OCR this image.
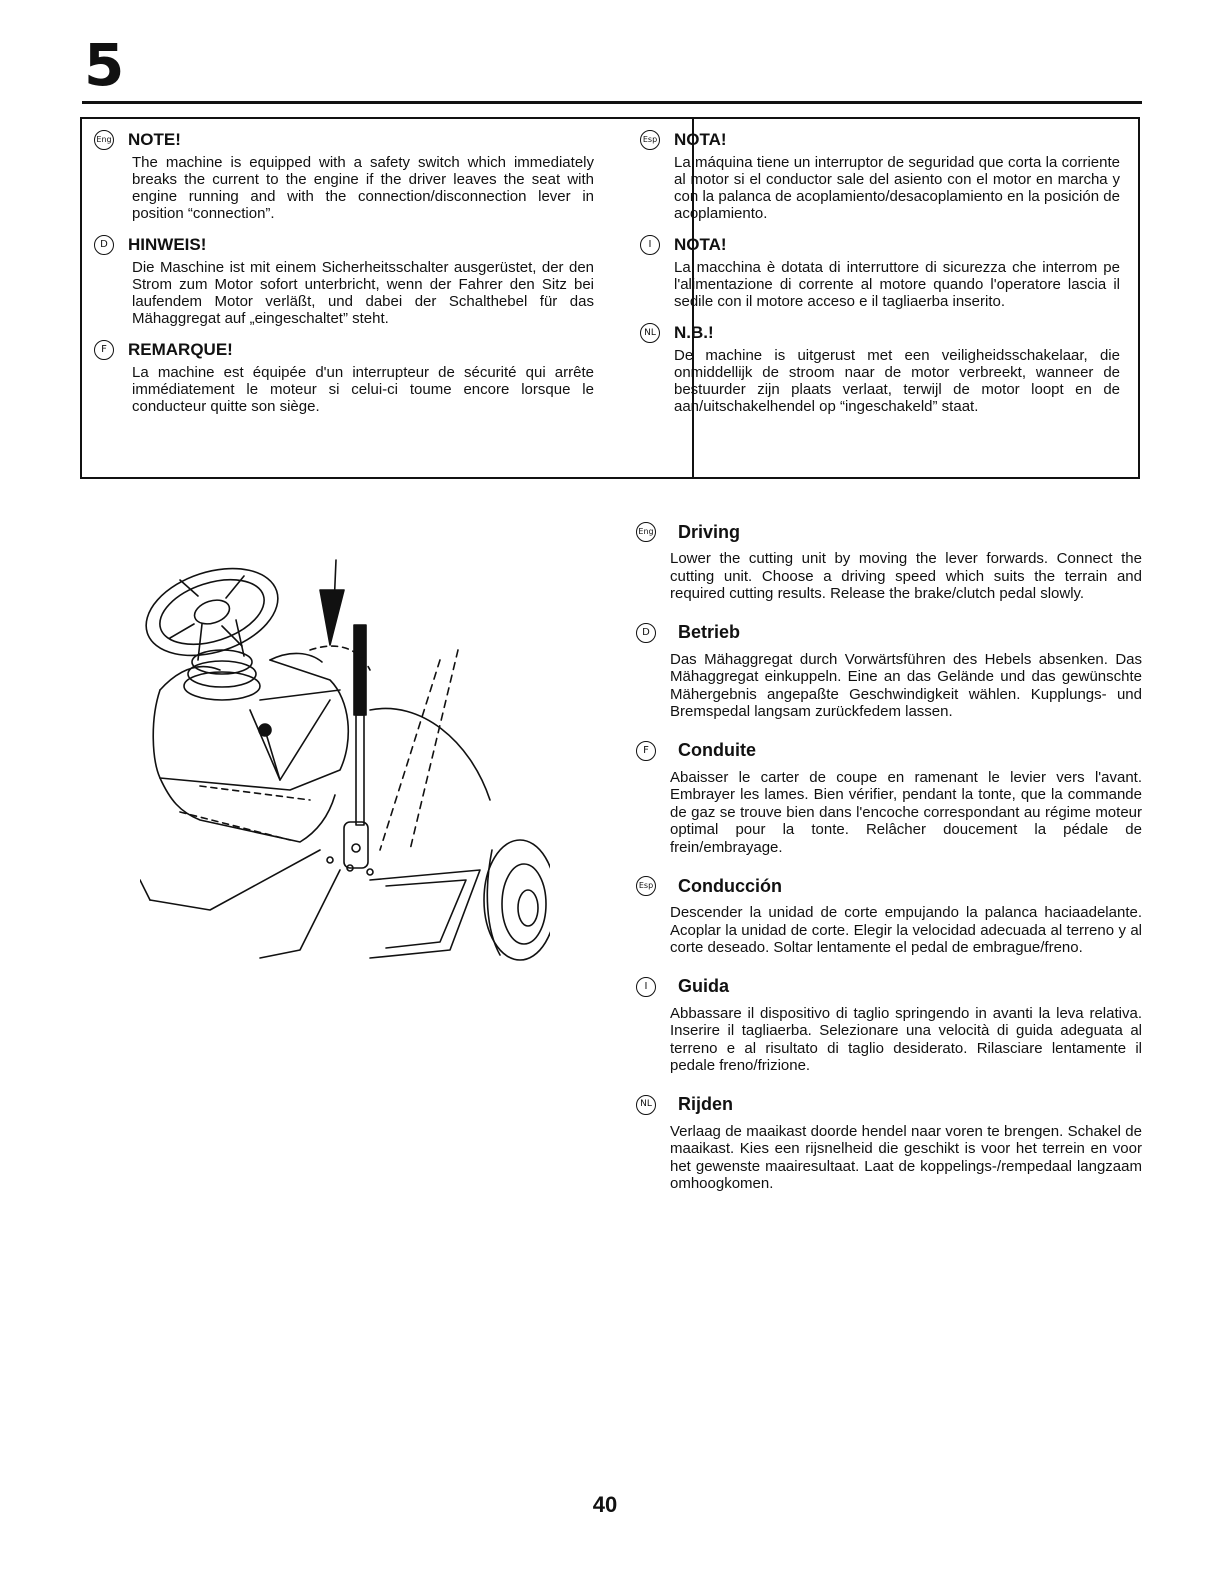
5
Eng NOTE!
The machine is equipped with a safety switch which immediately breaks the current to the engine if the driver leaves the seat with engine running and with the connection/disconnection lever in position “connection”.
D	HINWEIS!
Die Maschine ist mit einem Sicherheitsschalter ausgerüstet, der den Strom zum Motor sofort unterbricht, wenn der Fahrer den Sitz bei laufendem Motor verläßt, und dabei der Schalthebel für das Mähaggregat auf „eingeschaltet” steht.
F	REMARQUE!
La machine est équipée d'un interrupteur de sécurité qui arrête immédiatement le moteur si celui-ci toume encore lorsque le conducteur quitte son siège.
Esp NOTA!
La máquina tiene un interruptor de seguridad que corta la corriente al motor si el conductor sale del asiento con el motor en marcha y con la palanca de acoplamiento/desacoplamiento en la posición de acoplamiento.
I	NOTA!
La macchina è dotata di interruttore di sicurezza che interrom pe l'alimentazione di corrente al motore quando l'operatore lascia il sedile con il motore acceso e il tagliaerba inserito.
NL N.B.!
De machine is uitgerust met een veiligheidsschakelaar, die onmiddellijk de stroom naar de motor verbreekt, wanneer de bestuurder zijn plaats verlaat, terwijl de motor loopt en de aan/uitschakelhendel op “ingeschakeld” staat.
Eng Driving
Lower the cutting unit by moving the lever forwards. Connect the cutting unit. Choose a driving speed which suits the terrain and required cutting results. Release the brake/clutch pedal slowly.
D	Betrieb
Das Mähaggregat durch Vorwärtsführen des Hebels absenken. Das Mähaggregat einkuppeln. Eine an das Gelände und das gewünschte Mähergebnis angepaßte Geschwindigkeit wählen. Kupplungs- und Bremspedal langsam zurückfedem lassen.
F	Conduite
Abaisser le carter de coupe en ramenant le levier vers l'avant. Embrayer les lames. Bien vérifier, pendant la tonte, que la commande de gaz se trouve bien dans l'encoche correspondant au régime moteur optimal pour la tonte. Relâcher doucement la pédale de frein/embrayage.
Esp Conducción
Descender la unidad de corte empujando la palanca haciaadelante. Acoplar la unidad de corte. Elegir la velocidad adecuada al terreno y al corte deseado. Soltar lentamente el pedal de embrague/freno.
I	Guida
Abbassare il dispositivo di taglio springendo in avanti la leva relativa. Inserire il tagliaerba. Selezionare una velocità di guida adeguata al terreno e al risultato di taglio desiderato. Rilasciare lentamente il pedale freno/frizione.
NL Rijden
Verlaag de maaikast doorde hendel naar voren te brengen. Schakel de maaikast. Kies een rijsnelheid die geschikt is voor het terrein en voor het gewenste maairesultaat. Laat de koppelings-/rempedaal langzaam omhoogkomen.
40
